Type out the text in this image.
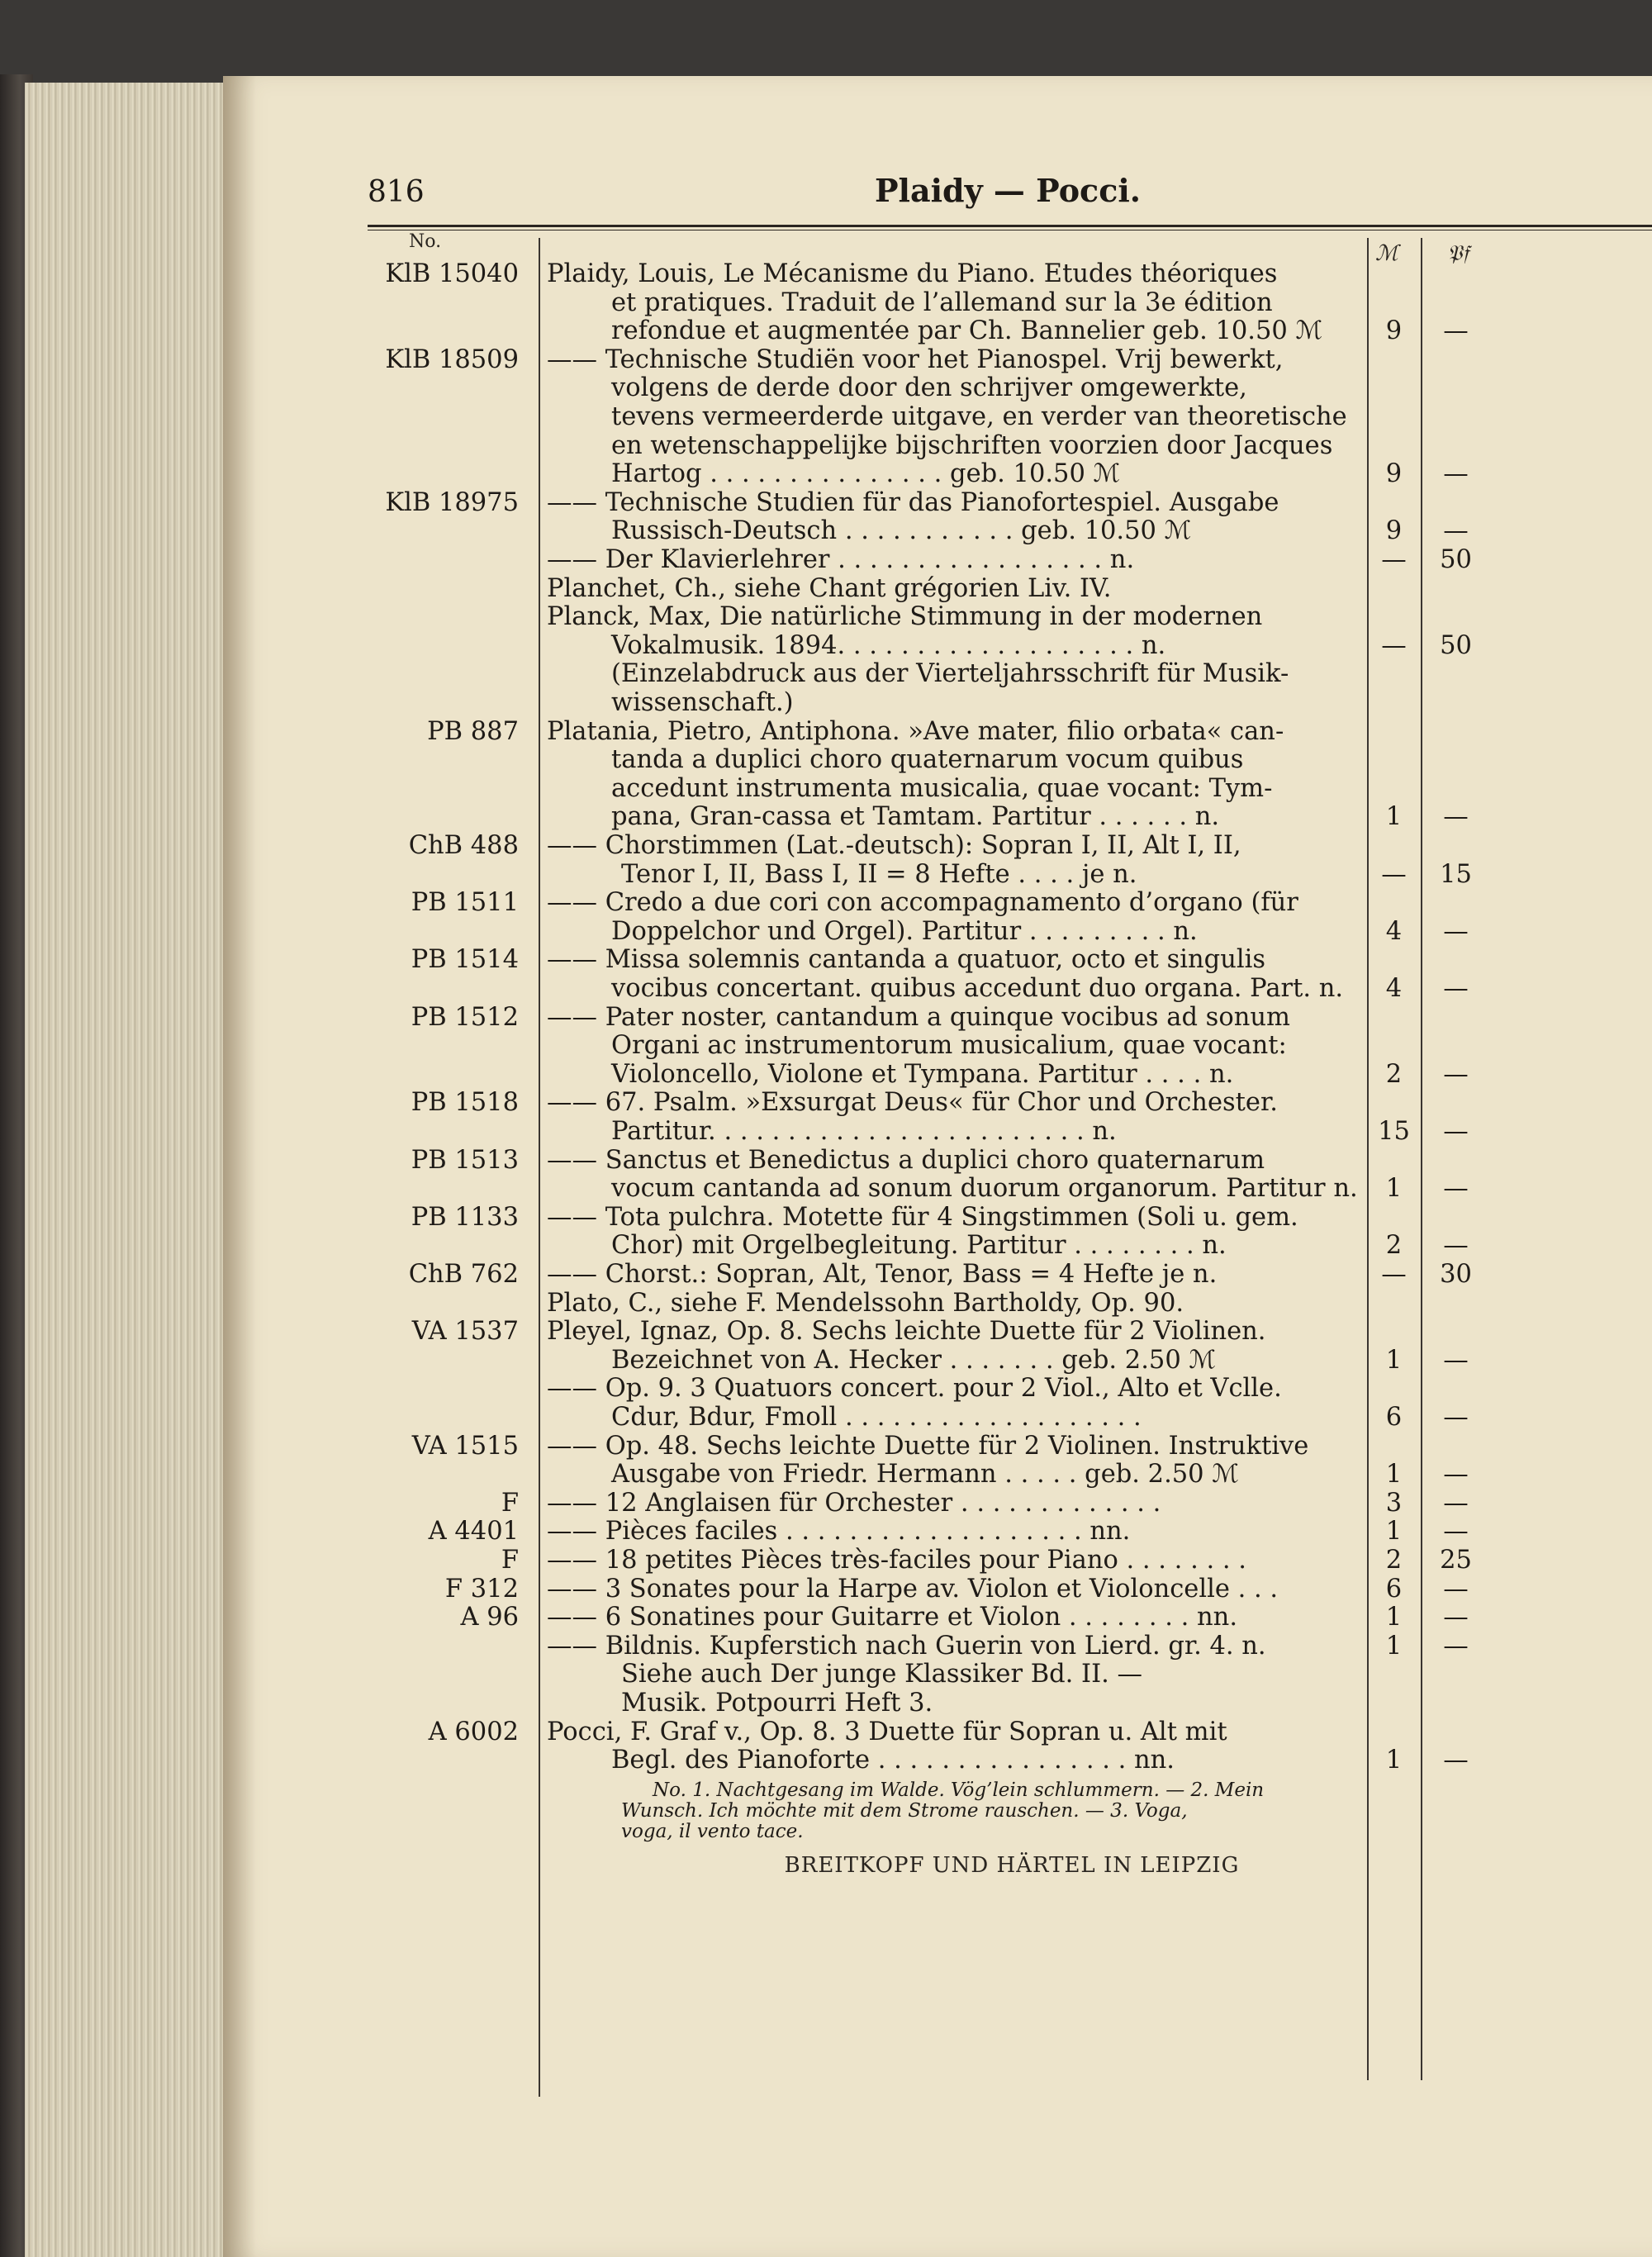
816	Plaidy — Pocci.
No.	ℳ	𝔓𝔣
KlB 15040 Plaidy, Louis, Le Mécanisme du Piano. Etudes théoriques
et pratiques. Traduit de l’allemand sur la 3e édition
refondue et augmentée par Ch. Bannelier geb. 10.50 ℳ	9	—
KlB 18509 —— Technische Studiën voor het Pianospel. Vrij bewerkt,
volgens de derde door den schrijver omgewerkte,
tevens vermeerderde uitgave, en verder van theoretische
en wetenschappelijke bijschriften voorzien door Jacques
Hartog . . . . . . . . . . . . . . . geb. 10.50 ℳ	9	—
KlB 18975 —— Technische Studien für das Pianofortespiel. Ausgabe
Russisch-Deutsch . . . . . . . . . . . geb. 10.50 ℳ	9	—
—— Der Klavierlehrer . . . . . . . . . . . . . . . . . n.	—	50
Planchet, Ch., siehe Chant grégorien Liv. IV.
Planck, Max, Die natürliche Stimmung in der modernen
Vokalmusik. 1894. . . . . . . . . . . . . . . . . . . n.	—	50
(Einzelabdruck aus der Vierteljahrsschrift für Musik-
wissenschaft.)
PB 887 Platania, Pietro, Antiphona. »Ave mater, filio orbata« can-
tanda a duplici choro quaternarum vocum quibus
accedunt instrumenta musicalia, quae vocant: Tym-
pana, Gran-cassa et Tamtam. Partitur . . . . . . n.	1	—
ChB 488 —— Chorstimmen (Lat.-deutsch): Sopran I, II, Alt I, II,
Tenor I, II, Bass I, II = 8 Hefte . . . . je n.	—	15
PB 1511 —— Credo a due cori con accompagnamento d’organo (für
Doppelchor und Orgel). Partitur . . . . . . . . . n.	4	—
PB 1514 —— Missa solemnis cantanda a quatuor, octo et singulis
vocibus concertant. quibus accedunt duo organa. Part. n.	4	—
PB 1512 —— Pater noster, cantandum a quinque vocibus ad sonum
Organi ac instrumentorum musicalium, quae vocant:
Violoncello, Violone et Tympana. Partitur . . . . n.	2	—
PB 1518 —— 67. Psalm. »Exsurgat Deus« für Chor und Orchester.
Partitur. . . . . . . . . . . . . . . . . . . . . . . . n.	15	—
PB 1513 —— Sanctus et Benedictus a duplici choro quaternarum
vocum cantanda ad sonum duorum organorum. Partitur n.	1	—
PB 1133 —— Tota pulchra. Motette für 4 Singstimmen (Soli u. gem.
Chor) mit Orgelbegleitung. Partitur . . . . . . . . n.	2	—
ChB 762 —— Chorst.: Sopran, Alt, Tenor, Bass = 4 Hefte je n.	—	30
Plato, C., siehe F. Mendelssohn Bartholdy, Op. 90.
VA 1537 Pleyel, Ignaz, Op. 8. Sechs leichte Duette für 2 Violinen.
Bezeichnet von A. Hecker . . . . . . . geb. 2.50 ℳ	1	—
—— Op. 9. 3 Quatuors concert. pour 2 Viol., Alto et Vclle.
Cdur, Bdur, Fmoll . . . . . . . . . . . . . . . . . . .	6	—
VA 1515 —— Op. 48. Sechs leichte Duette für 2 Violinen. Instruktive
Ausgabe von Friedr. Hermann . . . . . geb. 2.50 ℳ	1	—
F —— 12 Anglaisen für Orchester . . . . . . . . . . . . .	3	—
A 4401 —— Pièces faciles . . . . . . . . . . . . . . . . . . . nn.	1	—
F —— 18 petites Pièces très-faciles pour Piano . . . . . . . .	2	25
F 312 —— 3 Sonates pour la Harpe av. Violon et Violoncelle . . .	6	—
A 96 —— 6 Sonatines pour Guitarre et Violon . . . . . . . . nn.	1	—
—— Bildnis. Kupferstich nach Guerin von Lierd. gr. 4. n.	1	—
Siehe auch Der junge Klassiker Bd. II. —
Musik. Potpourri Heft 3.
A 6002 Pocci, F. Graf v., Op. 8. 3 Duette für Sopran u. Alt mit
Begl. des Pianoforte . . . . . . . . . . . . . . . . nn.	1	—
No. 1. Nachtgesang im Walde. Vög’lein schlummern. — 2. Mein
Wunsch. Ich möchte mit dem Strome rauschen. — 3. Voga,
voga, il vento tace.
BREITKOPF UND HÄRTEL IN LEIPZIG
